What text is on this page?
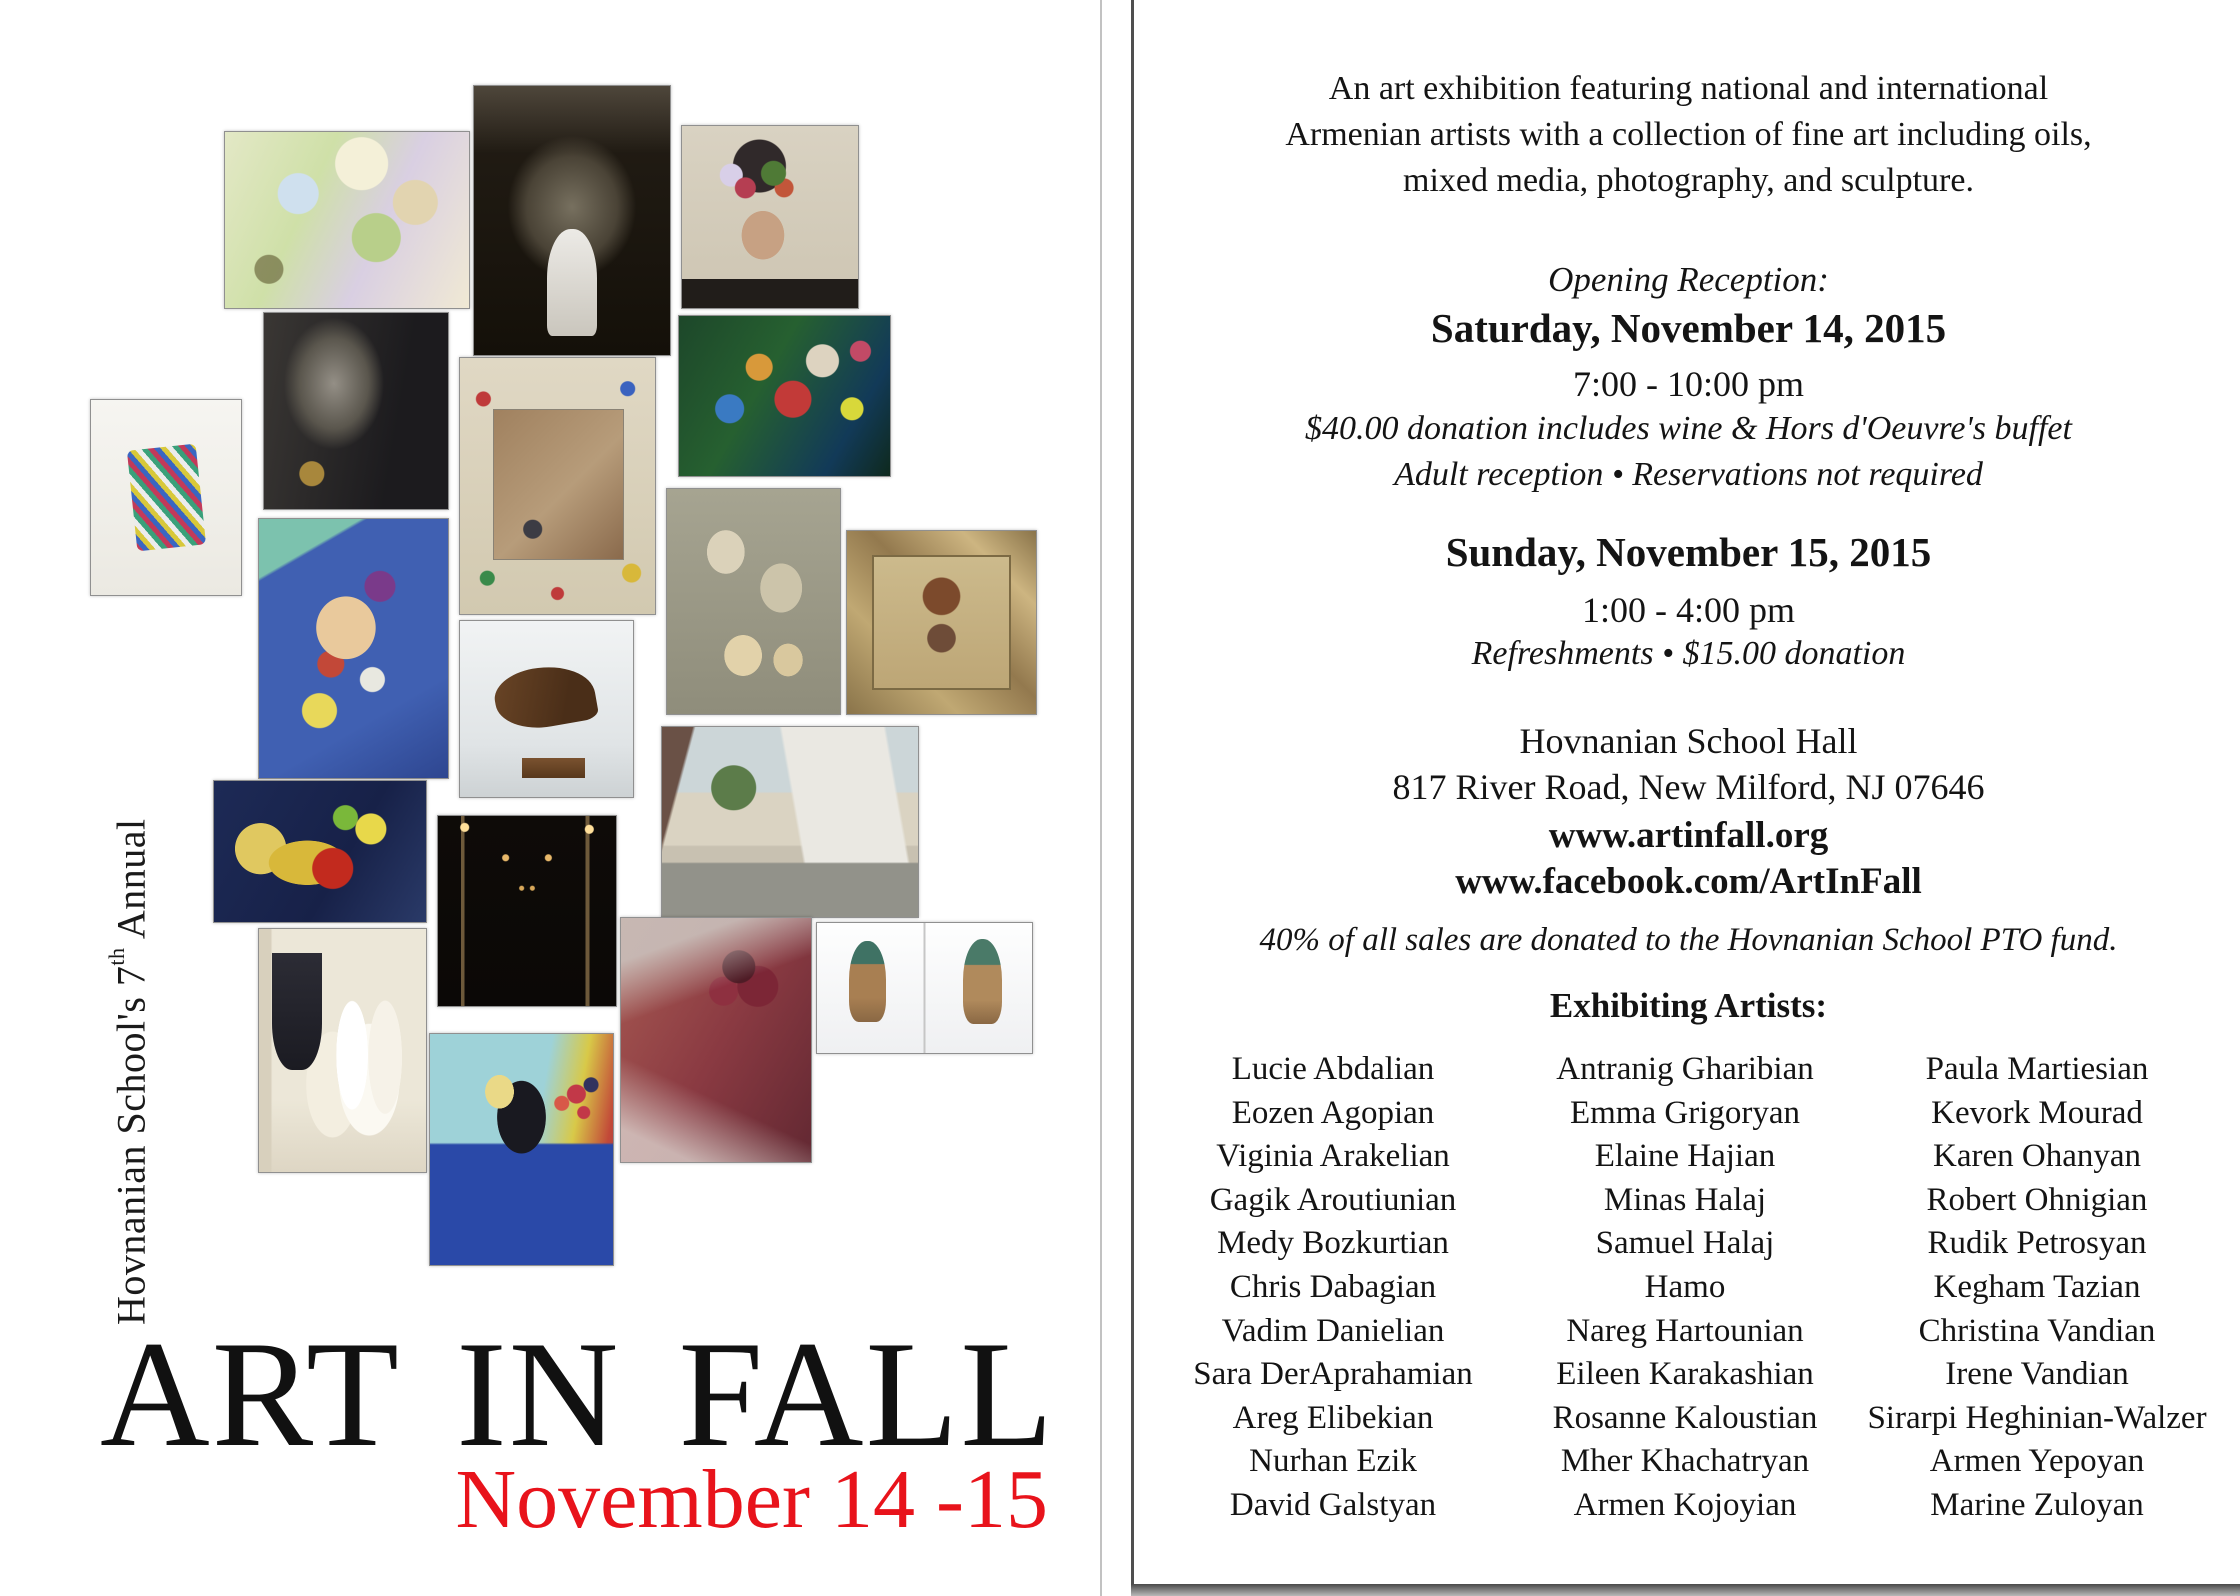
Hovnanian School's 7th Annual
ART IN FALL
November 14 -15
An art exhibition featuring national and international
Armenian artists with a collection of fine art including oils,
mixed media, photography, and sculpture.
Opening Reception:
Saturday, November 14, 2015
7:00 - 10:00 pm
$40.00 donation includes wine & Hors d'Oeuvre's buffet
Adult reception • Reservations not required
Sunday, November 15, 2015
1:00 - 4:00 pm
Refreshments • $15.00 donation
Hovnanian School Hall
817 River Road, New Milford, NJ 07646
www.artinfall.org
www.facebook.com/ArtInFall
40% of all sales are donated to the Hovnanian School PTO fund.
Exhibiting Artists:
Lucie Abdalian
Eozen Agopian
Viginia Arakelian
Gagik Aroutiunian
Medy Bozkurtian
Chris Dabagian
Vadim Danielian
Sara DerAprahamian
Areg Elibekian
Nurhan Ezik
David Galstyan
Antranig Gharibian
Emma Grigoryan
Elaine Hajian
Minas Halaj
Samuel Halaj
Hamo
Nareg Hartounian
Eileen Karakashian
Rosanne Kaloustian
Mher Khachatryan
Armen Kojoyian
Paula Martiesian
Kevork Mourad
Karen Ohanyan
Robert Ohnigian
Rudik Petrosyan
Kegham Tazian
Christina Vandian
Irene Vandian
Sirarpi Heghinian-Walzer
Armen Yepoyan
Marine Zuloyan
